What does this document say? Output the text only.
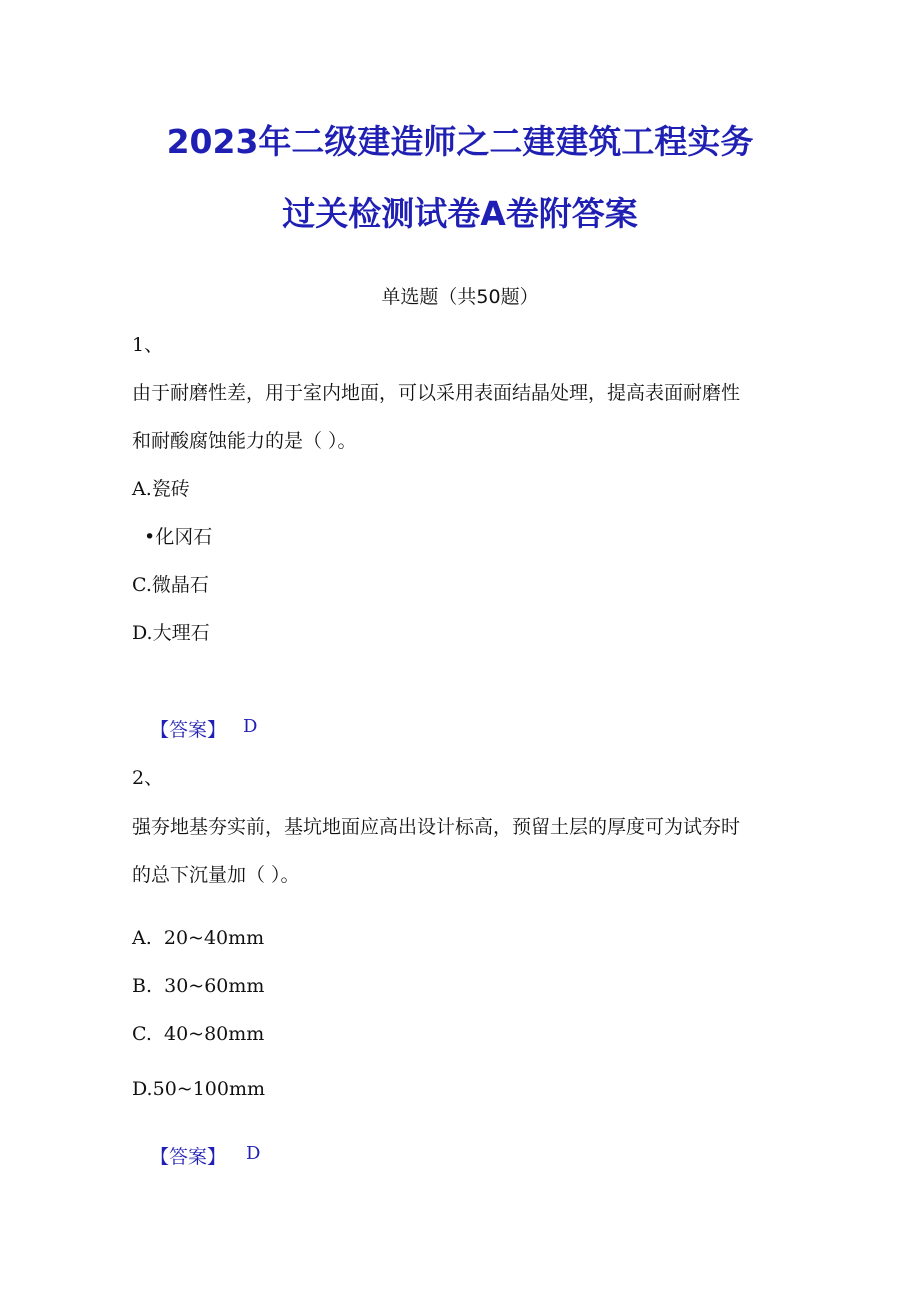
2023年二级建造师之二建建筑工程实务
过关检测试卷A卷附答案
单选题（共50题）
1、
由于耐磨性差，用于室内地面，可以采用表面结晶处理，提高表面耐磨性
和耐酸腐蚀能力的是（ ）。
A.瓷砖
•化冈石
C.微晶石
D.大理石
【答案】 D
2、
强夯地基夯实前，基坑地面应高出设计标高，预留土层的厚度可为试夯时
的总下沉量加（ ）。
A. 20~40mm
B. 30~60mm
C. 40~80mm
D.50~100mm
【答案】 D
